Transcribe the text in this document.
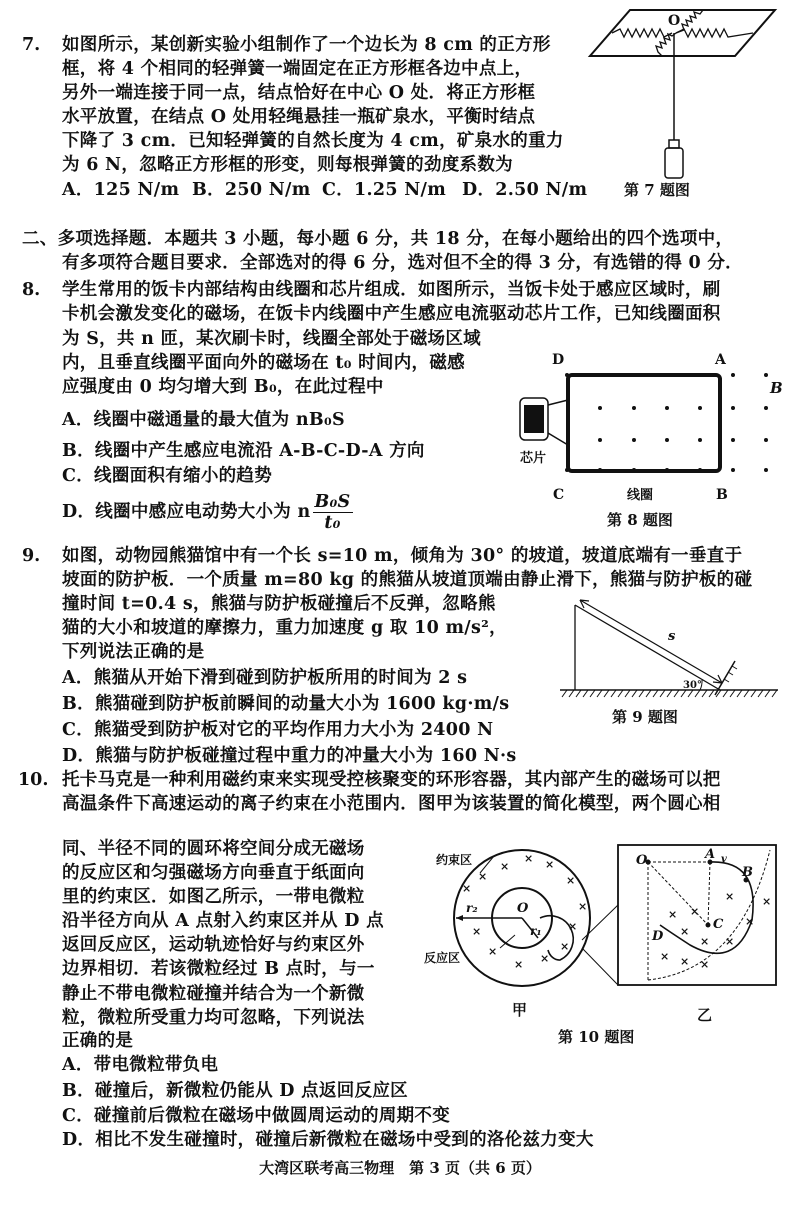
7. 如图所示，某创新实验小组制作了一个边长为 8 cm 的正方形
框，将 4 个相同的轻弹簧一端固定在正方形框各边中点上，
另外一端连接于同一点，结点恰好在中心 O 处．将正方形框
水平放置，在结点 O 处用轻绳悬挂一瓶矿泉水，平衡时结点
下降了 3 cm．已知轻弹簧的自然长度为 4 cm，矿泉水的重力
为 6 N，忽略正方形框的形变，则每根弹簧的劲度系数为
A．125 N/m B．250 N/m C．1.25 N/m D．2.50 N/m
O
第 7 题图
二、多项选择题．本题共 3 小题，每小题 6 分，共 18 分，在每小题给出的四个选项中，
有多项符合题目要求．全部选对的得 6 分，选对但不全的得 3 分，有选错的得 0 分．
8. 学生常用的饭卡内部结构由线圈和芯片组成．如图所示，当饭卡处于感应区域时，刷
卡机会激发变化的磁场，在饭卡内线圈中产生感应电流驱动芯片工作，已知线圈面积
为 S，共 n 匝，某次刷卡时，线圈全部处于磁场区域
内，且垂直线圈平面向外的磁场在 t₀ 时间内，磁感
应强度由 0 均匀增大到 B₀，在此过程中
A．线圈中磁通量的最大值为 nB₀S
B．线圈中产生感应电流沿 A-B-C-D-A 方向
C．线圈面积有缩小的趋势
D．线圈中感应电动势大小为 n $\frac{\text{B₀S}}{\text{t₀}}$
D	A
B
C	B
芯片
线圈
第 8 题图
9. 如图，动物园熊猫馆中有一个长 s=10 m，倾角为 30° 的坡道，坡道底端有一垂直于
坡面的防护板．一个质量 m=80 kg 的熊猫从坡道顶端由静止滑下，熊猫与防护板的碰
撞时间 t=0.4 s，熊猫与防护板碰撞后不反弹，忽略熊
猫的大小和坡道的摩擦力，重力加速度 g 取 10 m/s²，
下列说法正确的是
A．熊猫从开始下滑到碰到防护板所用的时间为 2 s
B．熊猫碰到防护板前瞬间的动量大小为 1600 kg·m/s
C．熊猫受到防护板对它的平均作用力大小为 2400 N
D．熊猫与防护板碰撞过程中重力的冲量大小为 160 N·s
s
30°
第 9 题图
10. 托卡马克是一种利用磁约束来实现受控核聚变的环形容器，其内部产生的磁场可以把
高温条件下高速运动的离子约束在小范围内．图甲为该装置的简化模型，两个圆心相
同、半径不同的圆环将空间分成无磁场
的反应区和匀强磁场方向垂直于纸面向
里的约束区．如图乙所示，一带电微粒
沿半径方向从 A 点射入约束区并从 D 点
返回反应区，运动轨迹恰好与约束区外
边界相切．若该微粒经过 B 点时，与一
静止不带电微粒碰撞并结合为一个新微
粒，微粒所受重力均可忽略，下列说法
正确的是
A．带电微粒带负电
B．碰撞后，新微粒仍能从 D 点返回反应区
C．碰撞前后微粒在磁场中做圆周运动的周期不变
D．相比不发生碰撞时，碰撞后新微粒在磁场中受到的洛伦兹力变大
×
×
× ×
×
×
×
×	×
×
× ×
×
×
×
×
× ×
×
× ×
× × ×
约束区
反应区
O
r₁
r₂
O	A v
B
C
D
甲	乙
第 10 题图
大湾区联考高三物理　第 3 页（共 6 页）
